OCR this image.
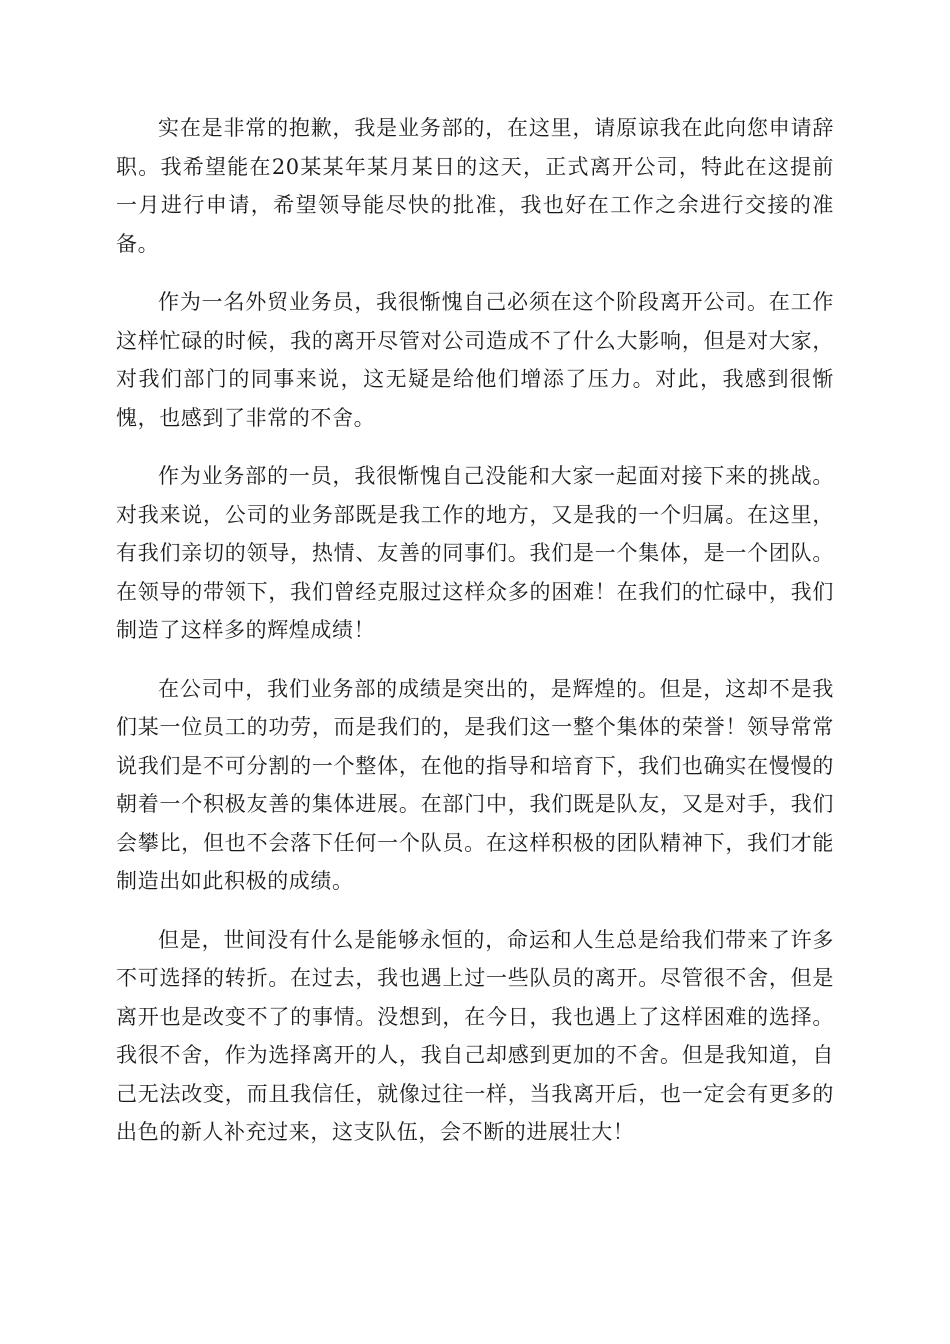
实在是非常的抱歉，我是业务部的，在这里，请原谅我在此向您申请辞职。我希望能在20某某年某月某日的这天，正式离开公司，特此在这提前一月进行申请，希望领导能尽快的批准，我也好在工作之余进行交接的准备。

作为一名外贸业务员，我很惭愧自己必须在这个阶段离开公司。在工作这样忙碌的时候，我的离开尽管对公司造成不了什么大影响，但是对大家，对我们部门的同事来说，这无疑是给他们增添了压力。对此，我感到很惭愧，也感到了非常的不舍。

作为业务部的一员，我很惭愧自己没能和大家一起面对接下来的挑战。对我来说，公司的业务部既是我工作的地方，又是我的一个归属。在这里，有我们亲切的领导，热情、友善的同事们。我们是一个集体，是一个团队。在领导的带领下，我们曾经克服过这样众多的困难！在我们的忙碌中，我们制造了这样多的辉煌成绩！

在公司中，我们业务部的成绩是突出的，是辉煌的。但是，这却不是我们某一位员工的功劳，而是我们的，是我们这一整个集体的荣誉！领导常常说我们是不可分割的一个整体，在他的指导和培育下，我们也确实在慢慢的朝着一个积极友善的集体进展。在部门中，我们既是队友，又是对手，我们会攀比，但也不会落下任何一个队员。在这样积极的团队精神下，我们才能制造出如此积极的成绩。

但是，世间没有什么是能够永恒的，命运和人生总是给我们带来了许多不可选择的转折。在过去，我也遇上过一些队员的离开。尽管很不舍，但是离开也是改变不了的事情。没想到，在今日，我也遇上了这样困难的选择。我很不舍，作为选择离开的人，我自己却感到更加的不舍。但是我知道，自己无法改变，而且我信任，就像过往一样，当我离开后，也一定会有更多的出色的新人补充过来，这支队伍，会不断的进展壮大！
